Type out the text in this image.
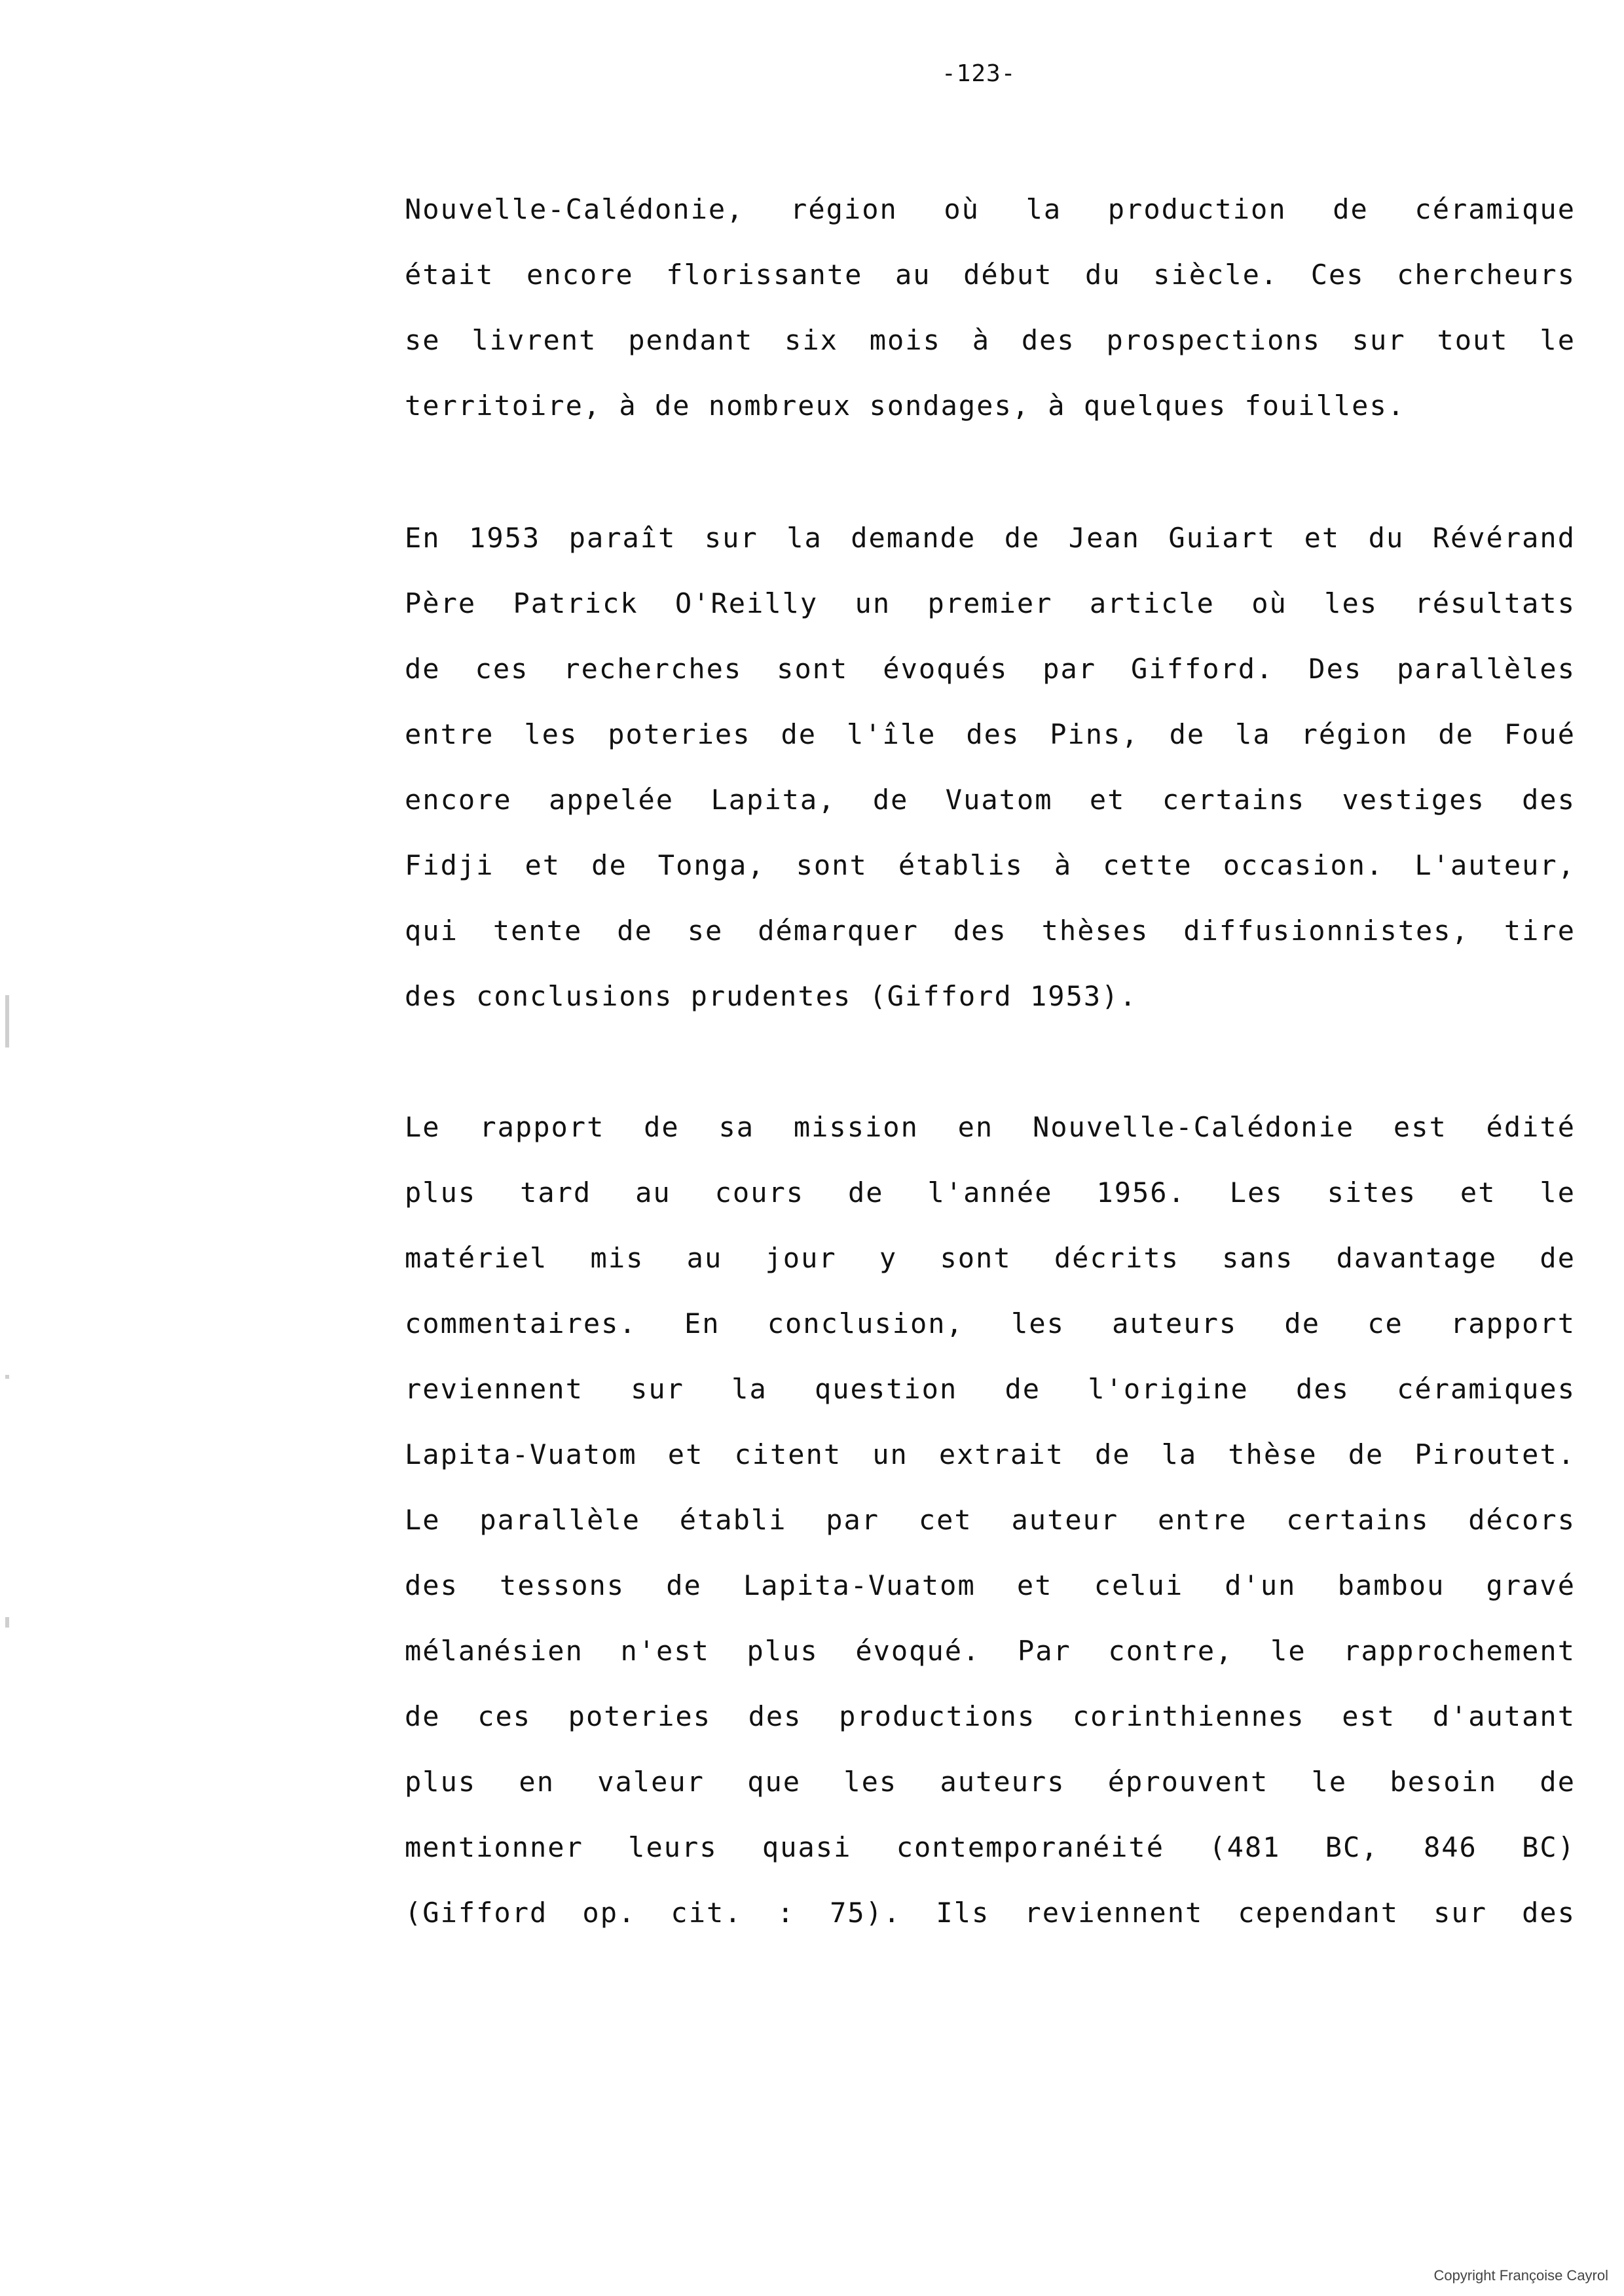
-123-
Nouvelle-Calédonie, région où la production de céramique
était encore florissante au début du siècle. Ces chercheurs
se livrent pendant six mois à des prospections sur tout le
territoire, à de nombreux sondages, à quelques fouilles.
En 1953 paraît sur la demande de Jean Guiart et du Révérand
Père Patrick O'Reilly un premier article où les résultats
de ces recherches sont évoqués par Gifford. Des parallèles
entre les poteries de l'île des Pins, de la région de Foué
encore appelée Lapita, de Vuatom et certains vestiges des
Fidji et de Tonga, sont établis à cette occasion. L'auteur,
qui tente de se démarquer des thèses diffusionnistes, tire
des conclusions prudentes (Gifford 1953).
Le rapport de sa mission en Nouvelle-Calédonie est édité
plus tard au cours de l'année 1956. Les sites et le
matériel mis au jour y sont décrits sans davantage de
commentaires. En conclusion, les auteurs de ce rapport
reviennent sur la question de l'origine des céramiques
Lapita-Vuatom et citent un extrait de la thèse de Piroutet.
Le parallèle établi par cet auteur entre certains décors
des tessons de Lapita-Vuatom et celui d'un bambou gravé
mélanésien n'est plus évoqué. Par contre, le rapprochement
de ces poteries des productions corinthiennes est d'autant
plus en valeur que les auteurs éprouvent le besoin de
mentionner leurs quasi contemporanéité (481 BC, 846 BC)
(Gifford op. cit. : 75). Ils reviennent cependant sur des
Copyright Françoise Cayrol
